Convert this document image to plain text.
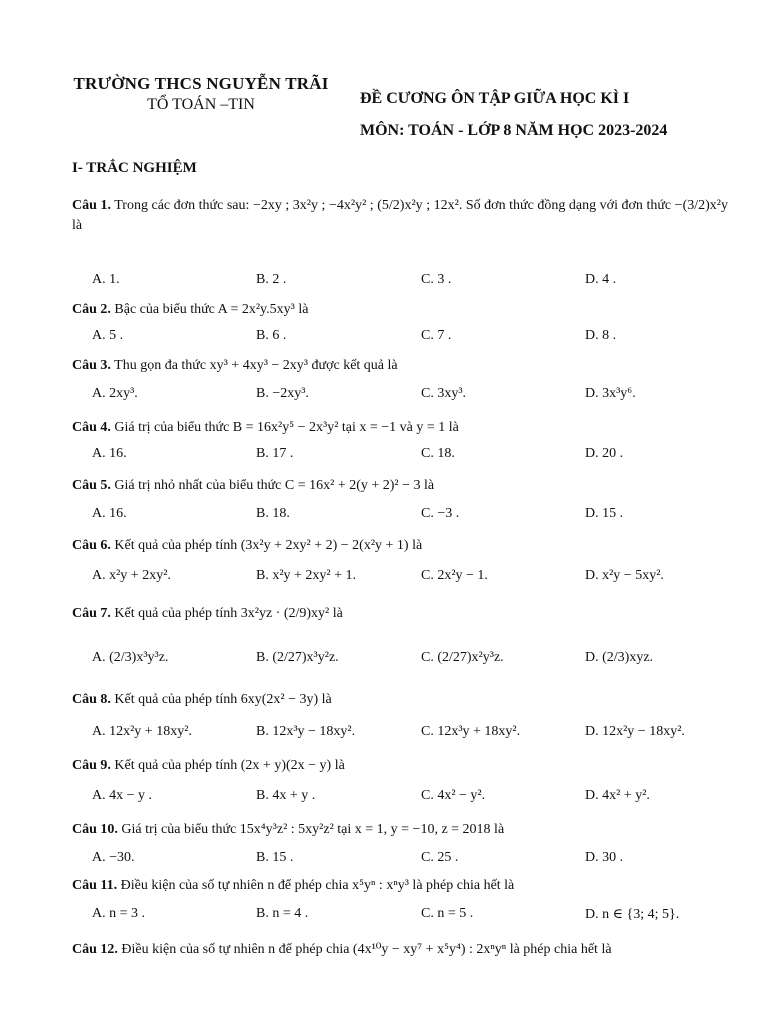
TRƯỜNG THCS NGUYỄN TRÃI
TỔ TOÁN –TIN	ĐỀ CƯƠNG ÔN TẬP GIỮA HỌC KÌ I
MÔN: TOÁN - LỚP 8 NĂM HỌC 2023-2024
I- TRẮC NGHIỆM
Câu 1. Trong các đơn thức sau: −2xy ; 3x²y ; −4x²y² ; (5/2)x²y ; 12x². Số đơn thức đồng dạng với đơn thức −(3/2)x²y là
A. 1.	B. 2 .	C. 3 .	D. 4 .
Câu 2. Bậc của biểu thức A = 2x²y.5xy³ là
A. 5 .	B. 6 .	C. 7 .	D. 8 .
Câu 3. Thu gọn đa thức xy³ + 4xy³ − 2xy³ được kết quả là
A. 2xy³.	B. −2xy³.	C. 3xy³.	D. 3x³y⁶.
Câu 4. Giá trị của biểu thức B = 16x²y⁵ − 2x³y² tại x = −1 và y = 1 là
A. 16.	B. 17 .	C. 18.	D. 20 .
Câu 5. Giá trị nhỏ nhất của biểu thức C = 16x² + 2(y + 2)² − 3 là
A. 16.	B. 18.	C. −3 .	D. 15 .
Câu 6. Kết quả của phép tính (3x²y + 2xy² + 2) − 2(x²y + 1) là
A. x²y + 2xy².	B. x²y + 2xy² + 1.	C. 2x²y − 1.	D. x²y − 5xy².
Câu 7. Kết quả của phép tính 3x²yz · (2/9)xy² là
A. (2/3)x³y³z.	B. (2/27)x³y²z.	C. (2/27)x²y³z.	D. (2/3)xyz.
Câu 8. Kết quả của phép tính 6xy(2x² − 3y) là
A. 12x²y + 18xy².	B. 12x³y − 18xy².	C. 12x³y + 18xy².	D. 12x²y − 18xy².
Câu 9. Kết quả của phép tính (2x + y)(2x − y) là
A. 4x − y .	B. 4x + y .	C. 4x² − y².	D. 4x² + y².
Câu 10. Giá trị của biểu thức 15x⁴y³z² : 5xy²z² tại x = 1, y = −10, z = 2018 là
A. −30.	B. 15 .	C. 25 .	D. 30 .
Câu 11. Điều kiện của số tự nhiên n để phép chia x⁵yⁿ : xⁿy³ là phép chia hết là
A. n = 3 .	B. n = 4 .	C. n = 5 .	D. n ∈ {3; 4; 5}.
Câu 12. Điều kiện của số tự nhiên n để phép chia (4x¹⁰y − xy⁷ + x⁵y⁴) : 2xⁿyⁿ là phép chia hết là
